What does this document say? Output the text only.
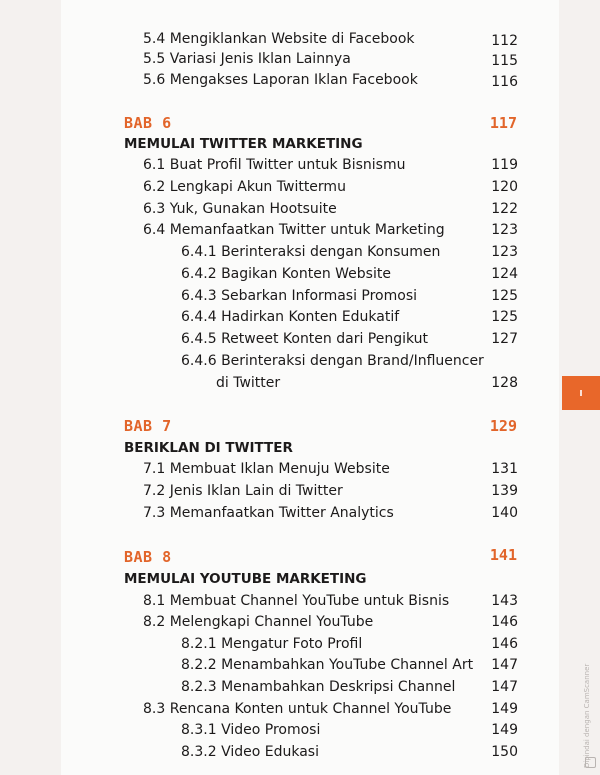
5.4 Mengiklankan Website di Facebook	112
5.5 Variasi Jenis Iklan Lainnya	115
5.6 Mengakses Laporan Iklan Facebook	116
BAB 6	117
MEMULAI TWITTER MARKETING
6.1 Buat Profil Twitter untuk Bisnismu	119
6.2 Lengkapi Akun Twittermu	120
6.3 Yuk, Gunakan Hootsuite	122
6.4 Memanfaatkan Twitter untuk Marketing	123
6.4.1 Berinteraksi dengan Konsumen	123
6.4.2 Bagikan Konten Website	124
6.4.3 Sebarkan Informasi Promosi	125
6.4.4 Hadirkan Konten Edukatif	125
6.4.5 Retweet Konten dari Pengikut	127
6.4.6 Berinteraksi dengan Brand/Influencer
di Twitter	128
BAB 7	129
BERIKLAN DI TWITTER
7.1 Membuat Iklan Menuju Website	131
7.2 Jenis Iklan Lain di Twitter	139
7.3 Memanfaatkan Twitter Analytics	140
BAB 8	141
MEMULAI YOUTUBE MARKETING
8.1 Membuat Channel YouTube untuk Bisnis	143
8.2 Melengkapi Channel YouTube	146
8.2.1 Mengatur Foto Profil	146
8.2.2 Menambahkan YouTube Channel Art 147
8.2.3 Menambahkan Deskripsi Channel	147
8.3 Rencana Konten untuk Channel YouTube	149
8.3.1 Video Promosi	149
8.3.2 Video Edukasi	150	Dipindai dengan CamScanner
